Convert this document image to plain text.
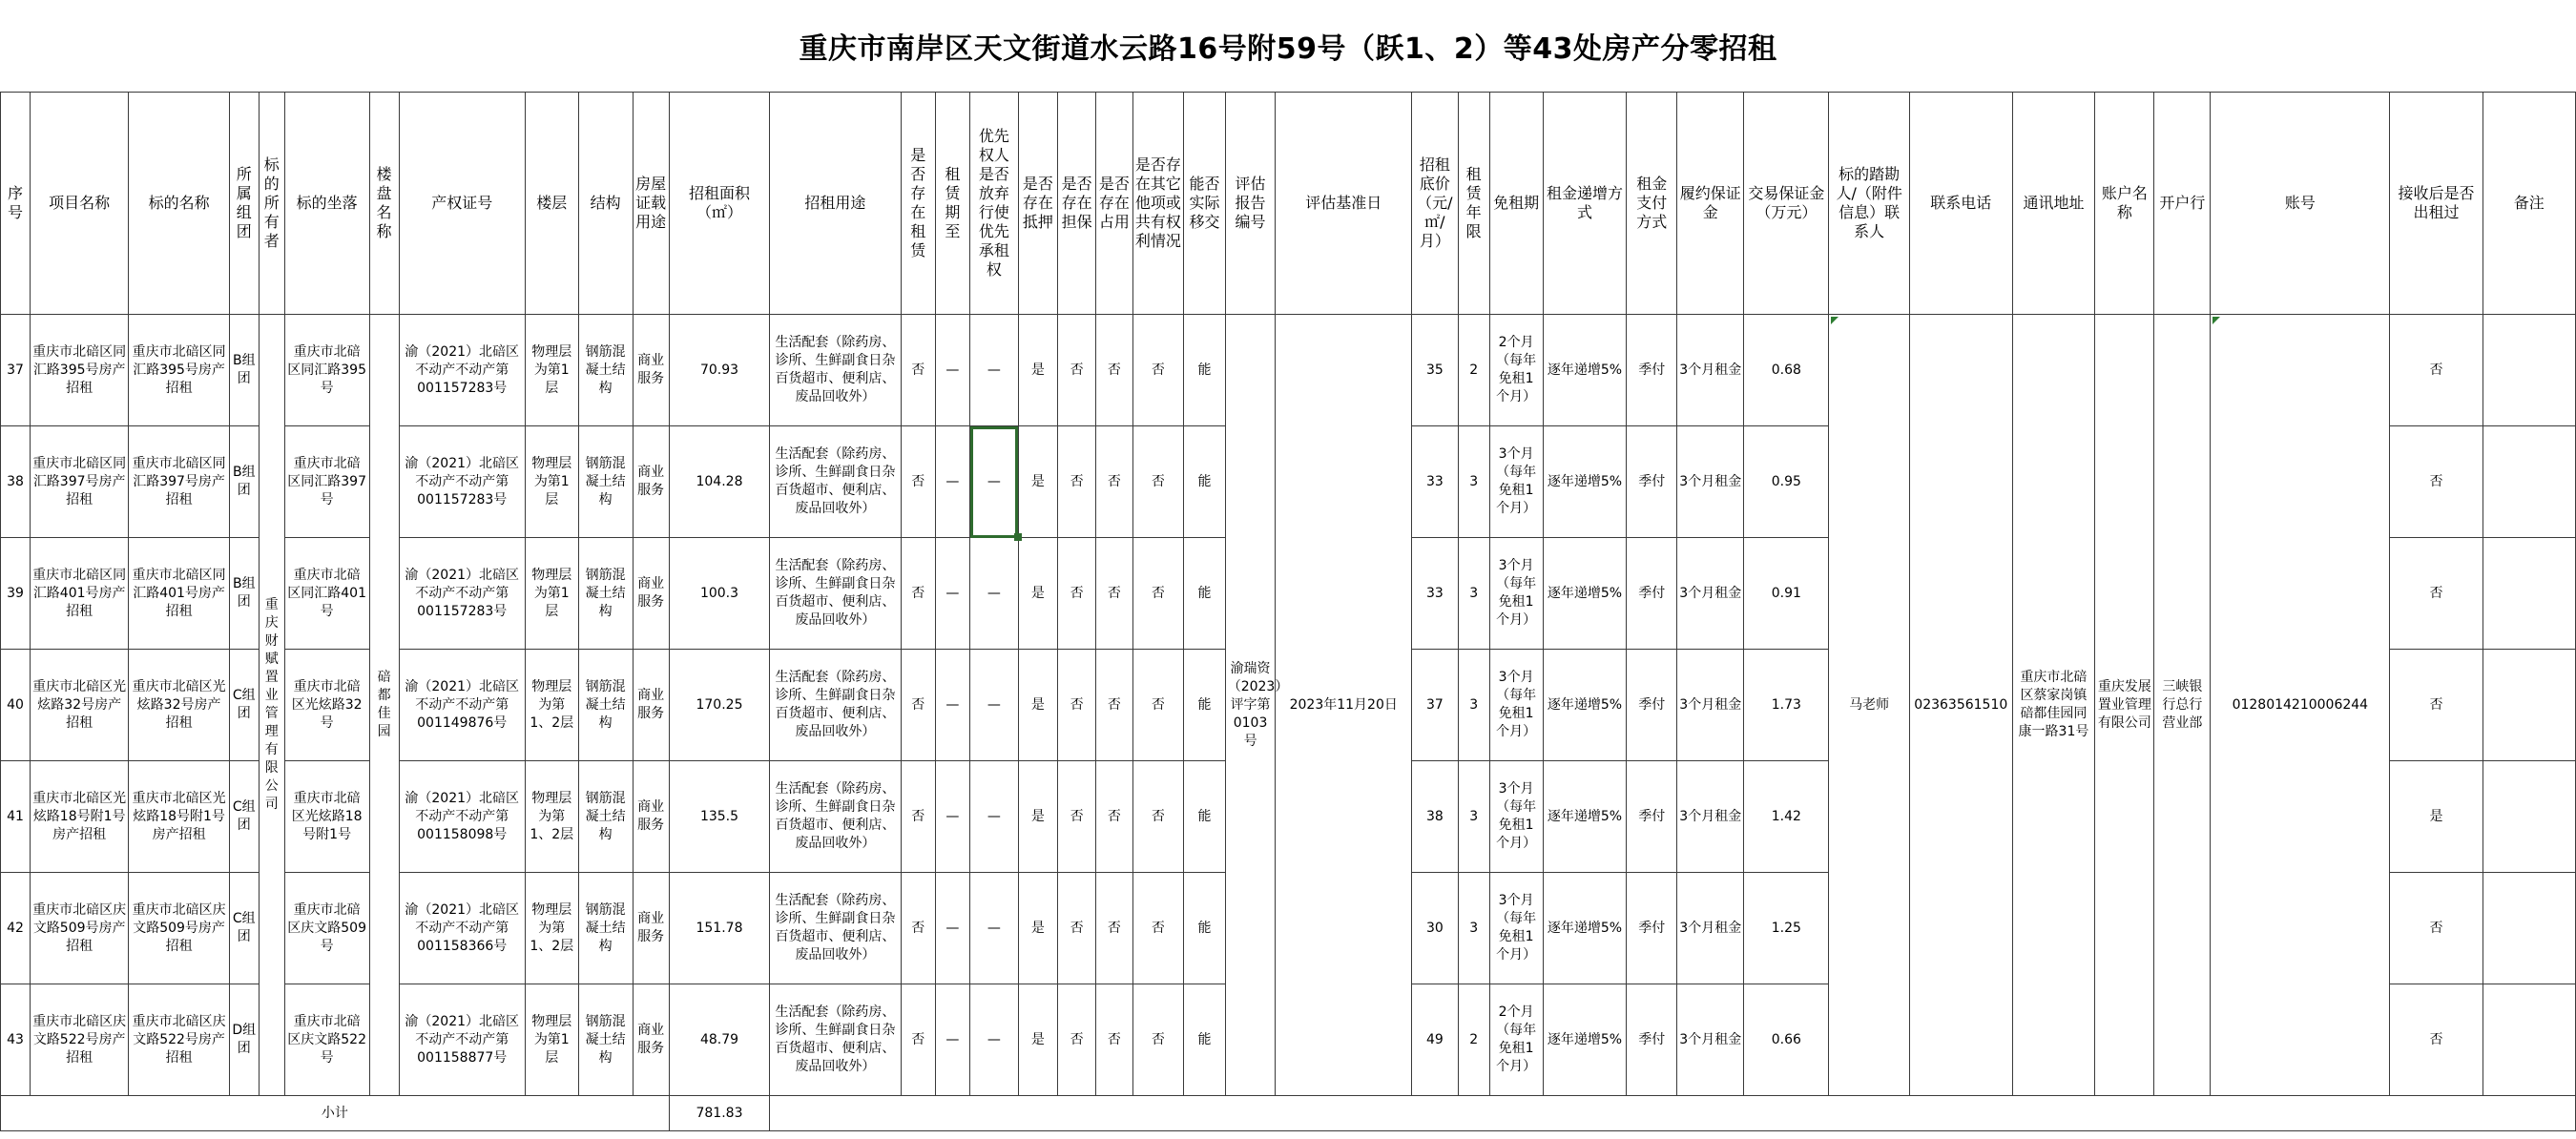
重庆市南岸区天文街道水云路16号附59号（跃1、2）等43处房产分零招租
序号	项目名称	标的名称	所属组团	标的所有者	标的坐落	楼盘名称	产权证号	楼层	结构	房屋证载用途	招租面积（㎡）	招租用途	是否存在租赁	租赁期至	优先权人是否放弃行使优先承租权	是否存在抵押	是否存在担保	是否存在占用	是否存在其它他项或共有权利情况	能否实际移交	评估报告编号	评估基准日	招租底价（元/㎡/月）	租赁年限	免租期	租金递增方式	租金支付方式	履约保证金	交易保证金（万元）	标的踏勘人/（附件信息）联系人	联系电话	通讯地址	账户名称	开户行	账号	接收后是否出租过	备注
37	重庆市北碚区同汇路395号房产招租	重庆市北碚区同汇路395号房产招租	B组团	重庆财赋置业管理有限公司	重庆市北碚区同汇路395号	碚都佳园	渝（2021）北碚区不动产不动产第001157283号	物理层为第1层	钢筋混凝土结构	商业服务	70.93	生活配套（除药房、诊所、生鲜副食日杂百货超市、便利店、废品回收外）	否	—	—	是	否	否	否	能	渝瑞资（2023）评字第0103号	2023年11月20日	35	2	2个月（每年免租1个月）	逐年递增5%	季付	3个月租金	0.68	马老师	02363561510	重庆市北碚区蔡家岗镇碚都佳园同康一路31号	重庆发展置业管理有限公司	三峡银行总行营业部	0128014210006244	否	
38	重庆市北碚区同汇路397号房产招租	重庆市北碚区同汇路397号房产招租	B组团		重庆市北碚区同汇路397号		渝（2021）北碚区不动产不动产第001157283号	物理层为第1层	钢筋混凝土结构	商业服务	104.28	生活配套（除药房、诊所、生鲜副食日杂百货超市、便利店、废品回收外）	否	—	—	是	否	否	否	能			33	3	3个月（每年免租1个月）	逐年递增5%	季付	3个月租金	0.95							否	
39	重庆市北碚区同汇路401号房产招租	重庆市北碚区同汇路401号房产招租	B组团		重庆市北碚区同汇路401号		渝（2021）北碚区不动产不动产第001157283号	物理层为第1层	钢筋混凝土结构	商业服务	100.3	生活配套（除药房、诊所、生鲜副食日杂百货超市、便利店、废品回收外）	否	—	—	是	否	否	否	能			33	3	3个月（每年免租1个月）	逐年递增5%	季付	3个月租金	0.91							否	
40	重庆市北碚区光炫路32号房产招租	重庆市北碚区光炫路32号房产招租	C组团		重庆市北碚区光炫路32号		渝（2021）北碚区不动产不动产第001149876号	物理层为第1、2层	钢筋混凝土结构	商业服务	170.25	生活配套（除药房、诊所、生鲜副食日杂百货超市、便利店、废品回收外）	否	—	—	是	否	否	否	能			37	3	3个月（每年免租1个月）	逐年递增5%	季付	3个月租金	1.73							否	
41	重庆市北碚区光炫路18号附1号房产招租	重庆市北碚区光炫路18号附1号房产招租	C组团		重庆市北碚区光炫路18号附1号		渝（2021）北碚区不动产不动产第001158098号	物理层为第1、2层	钢筋混凝土结构	商业服务	135.5	生活配套（除药房、诊所、生鲜副食日杂百货超市、便利店、废品回收外）	否	—	—	是	否	否	否	能			38	3	3个月（每年免租1个月）	逐年递增5%	季付	3个月租金	1.42							是	
42	重庆市北碚区庆文路509号房产招租	重庆市北碚区庆文路509号房产招租	C组团		重庆市北碚区庆文路509号		渝（2021）北碚区不动产不动产第001158366号	物理层为第1、2层	钢筋混凝土结构	商业服务	151.78	生活配套（除药房、诊所、生鲜副食日杂百货超市、便利店、废品回收外）	否	—	—	是	否	否	否	能			30	3	3个月（每年免租1个月）	逐年递增5%	季付	3个月租金	1.25							否	
43	重庆市北碚区庆文路522号房产招租	重庆市北碚区庆文路522号房产招租	D组团		重庆市北碚区庆文路522号		渝（2021）北碚区不动产不动产第001158877号	物理层为第1层	钢筋混凝土结构	商业服务	48.79	生活配套（除药房、诊所、生鲜副食日杂百货超市、便利店、废品回收外）	否	—	—	是	否	否	否	能			49	2	2个月（每年免租1个月）	逐年递增5%	季付	3个月租金	0.66							否	
小计											781.83																										
